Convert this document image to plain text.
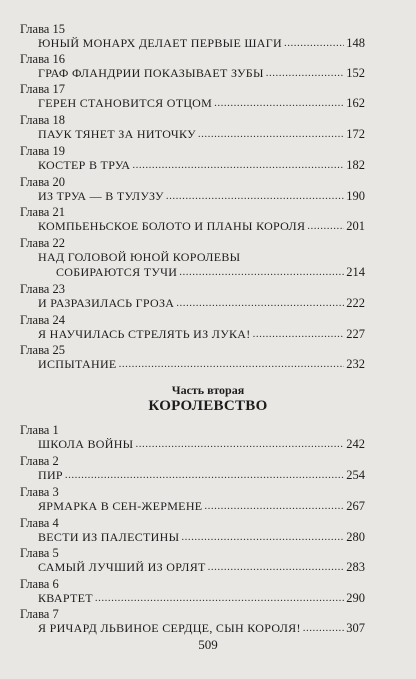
Глава 15
ЮНЫЙ МОНАРХ ДЕЛАЕТ ПЕРВЫЕ ШАГИ .....	148
Глава 16
ГРАФ ФЛАНДРИИ ПОКАЗЫВАЕТ ЗУБЫ .....	152
Глава 17
ГЕРЕН СТАНОВИТСЯ ОТЦОМ .....	162
Глава 18
ПАУК ТЯНЕТ ЗА НИТОЧКУ .....	172
Глава 19
КОСТЕР В ТРУА .....	182
Глава 20
ИЗ ТРУА — В ТУЛУЗУ .....	190
Глава 21
КОМПЬЕНЬСКОЕ БОЛОТО И ПЛАНЫ КОРОЛЯ .....	201
Глава 22
НАД ГОЛОВОЙ ЮНОЙ КОРОЛЕВЫ
СОБИРАЮТСЯ ТУЧИ .....	214
Глава 23
И РАЗРАЗИЛАСЬ ГРОЗА .....	222
Глава 24
Я НАУЧИЛАСЬ СТРЕЛЯТЬ ИЗ ЛУКА! .....	227
Глава 25
ИСПЫТАНИЕ .....	232
Часть вторая
КОРОЛЕВСТВО
Глава 1
ШКОЛА ВОЙНЫ .....	242
Глава 2
ПИР .....	254
Глава 3
ЯРМАРКА В СЕН-ЖЕРМЕНЕ .....	267
Глава 4
ВЕСТИ ИЗ ПАЛЕСТИНЫ .....	280
Глава 5
САМЫЙ ЛУЧШИЙ ИЗ ОРЛЯТ .....	283
Глава 6
КВАРТЕТ .....	290
Глава 7
Я РИЧАРД ЛЬВИНОЕ СЕРДЦЕ, СЫН КОРОЛЯ! .....	307
509
